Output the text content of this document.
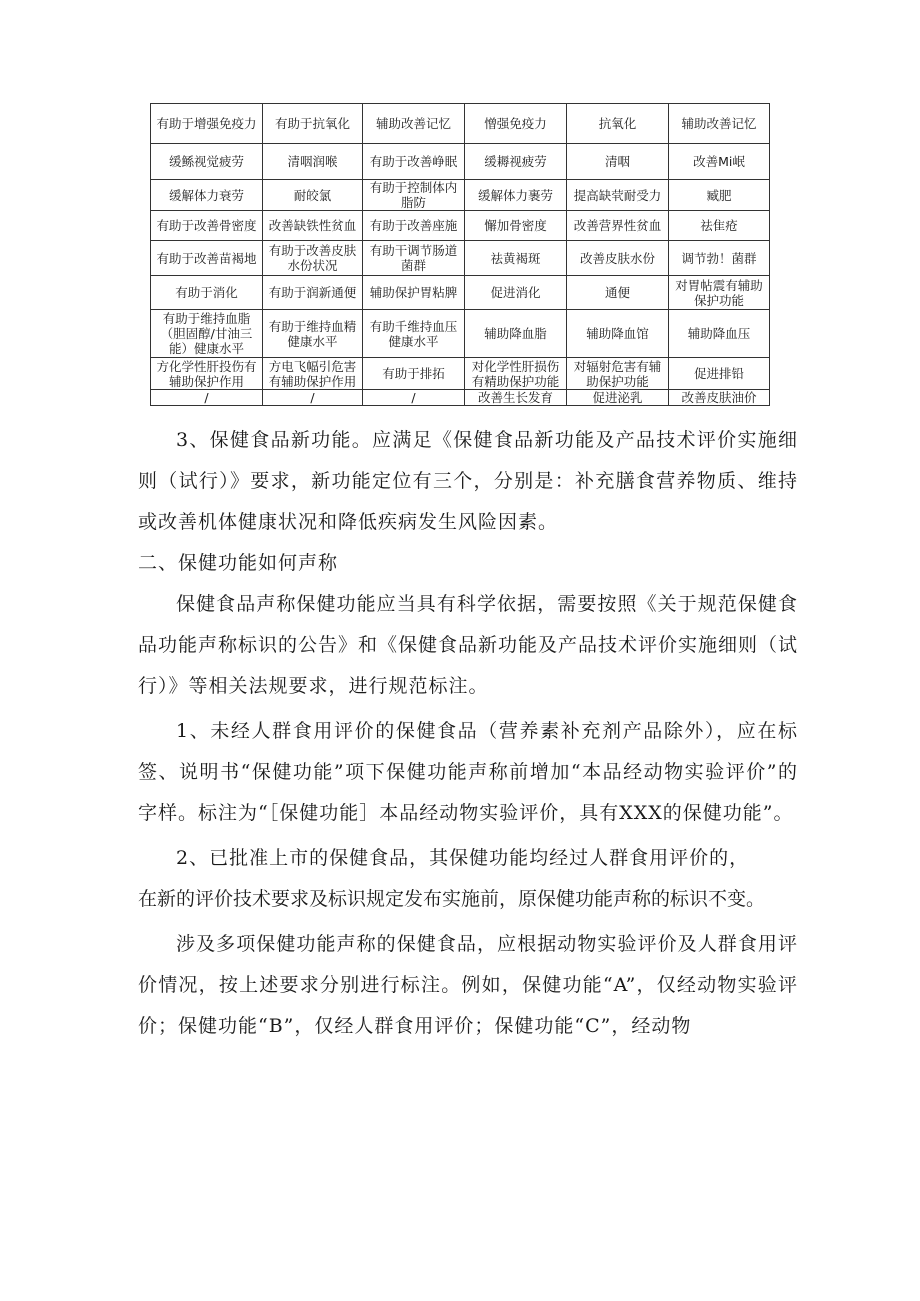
有助于增强免疫力	有助于抗氧化	辅助改善记忆	憎强免疫力	抗氧化	辅助改善记忆
缓鲧视觉疲劳	清咽润喉	有助于改善峥眠	缓耨视疲劳	清咽	改善Mi岷
缓解体力衰劳	耐皎氯	有助于控制体内脂防	缓解体力裹劳	提高缺茕耐受力	臧肥
有助于改善骨密度	改善缺铁性贫血	有助于改善座施	懈加骨密度	改善营界性贫血	祛隹疮
有助于改善苗褐地	有助于改善皮肤水份状况	有助干调节肠道菌群	祛黄褐斑	改善皮肤水份	调节勃！菌群
有助于消化	有助于润新通便	辅助保护胃粘脾	促进消化	通便	对胃帖震有辅助保护功能
有助于维持血脂（胆固醇/甘油三能）健康水平	有助于维持血精健康水平	有助千维持血压健康水平	辅助降血脂	辅助降血馆	辅助降血压
方化学性肝投伤有辅助保护作用	方电飞幅引危害有辅助保护作用	有助于排拓	对化学性肝损伤有精助保护功能	对辐射危害有辅助保护功能	促进排铅
/	/	/	改善生长发育	促进泌乳	改善皮肤油价

3、保健食品新功能。应满足《保健食品新功能及产品技术评价实施细则（试行）》要求，新功能定位有三个，分别是：补充膳食营养物质、维持或改善机体健康状况和降低疾病发生风险因素。

二、保健功能如何声称

保健食品声称保健功能应当具有科学依据，需要按照《关于规范保健食品功能声称标识的公告》和《保健食品新功能及产品技术评价实施细则（试行）》等相关法规要求，进行规范标注。

1、未经人群食用评价的保健食品（营养素补充剂产品除外），应在标签、说明书“保健功能”项下保健功能声称前增加“本品经动物实验评价”的字样。标注为“［保健功能］本品经动物实验评价，具有XXX的保健功能”。

2、已批准上市的保健食品，其保健功能均经过人群食用评价的，

在新的评价技术要求及标识规定发布实施前，原保健功能声称的标识不变。

涉及多项保健功能声称的保健食品，应根据动物实验评价及人群食用评价情况，按上述要求分别进行标注。例如，保健功能“A”，仅经动物实验评价；保健功能“B”，仅经人群食用评价；保健功能“C”，经动物
